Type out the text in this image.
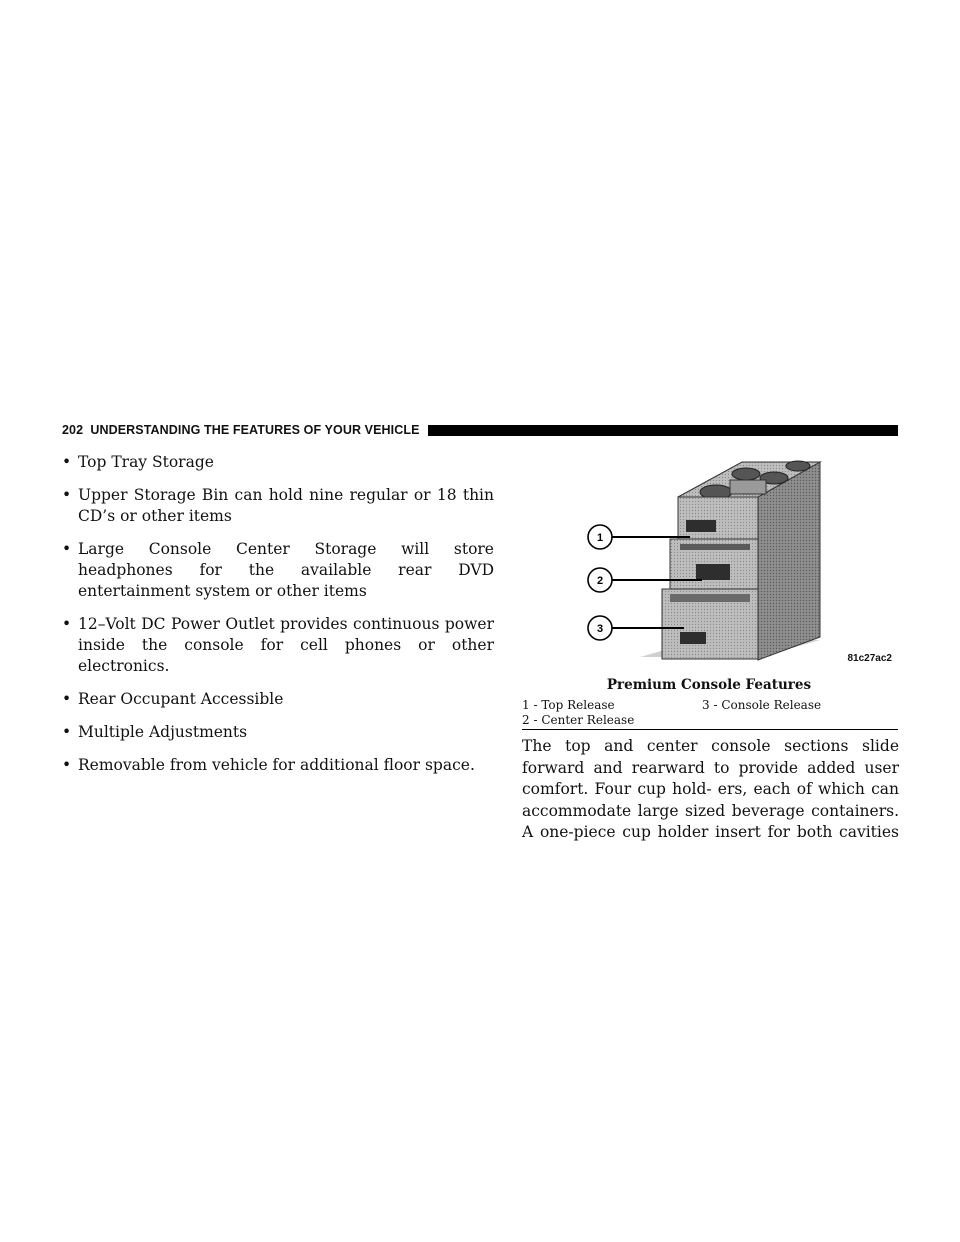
202 UNDERSTANDING THE FEATURES OF YOUR VEHICLE
• Top Tray Storage
• Upper Storage Bin can hold nine regular or 18 thin CD’s or other items
• Large Console Center Storage will store headphones for the available rear DVD entertainment system or other items
• 12–Volt DC Power Outlet provides continuous power inside the console for cell phones or other electronics.
• Rear Occupant Accessible
• Multiple Adjustments
• Removable from vehicle for additional floor space.
1
2
3
81c27ac2
Premium Console Features
1 - Top Release	3 - Console Release
2 - Center Release

The top and center console sections slide forward and rearward to provide added user comfort. Four cup hold- ers, each of which can accommodate large sized beverage containers. A one-piece cup holder insert for both cavities
